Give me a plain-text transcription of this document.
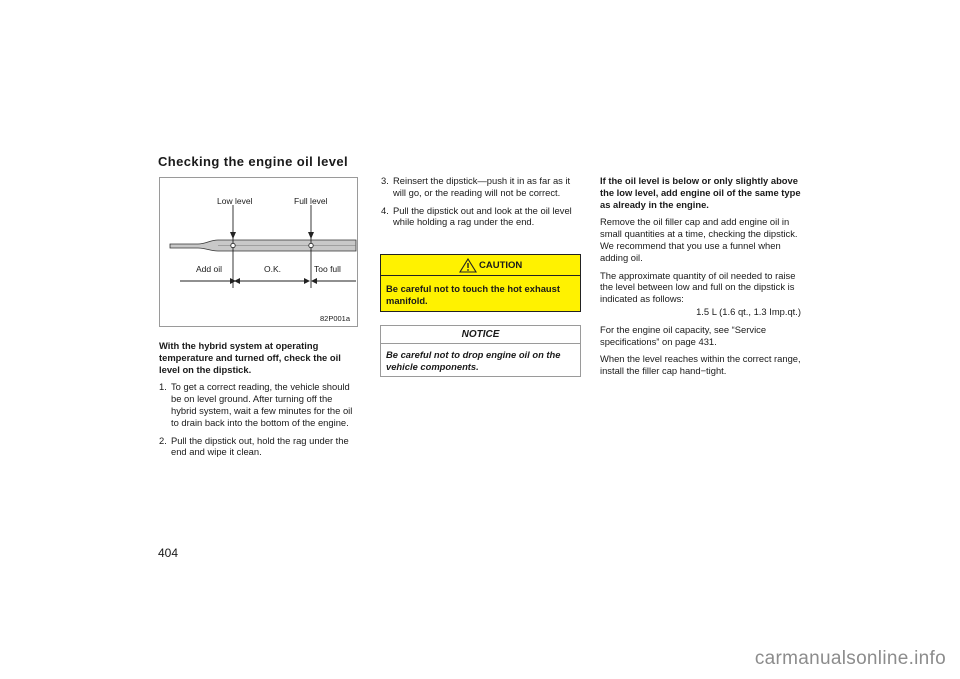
Checking the engine oil level
Low level	Full level
Add oil	O.K.	Too full
82P001a

With the hybrid system at operating temperature and turned off, check the oil level on the dipstick.

1. To get a correct reading, the vehicle should be on level ground. After turning off the hybrid system, wait a few minutes for the oil to drain back into the bottom of the engine.

2. Pull the dipstick out, hold the rag under the end and wipe it clean.

3. Reinsert the dipstick—push it in as far as it will go, or the reading will not be correct.

4. Pull the dipstick out and look at the oil level while holding a rag under the end.

CAUTION
Be careful not to touch the hot exhaust manifold.
NOTICE
Be careful not to drop engine oil on the vehicle components.

If the oil level is below or only slightly above the low level, add engine oil of the same type as already in the engine.

Remove the oil filler cap and add engine oil in small quantities at a time, checking the dipstick. We recommend that you use a funnel when adding oil.

The approximate quantity of oil needed to raise the level between low and full on the dipstick is indicated as follows:

1.5 L (1.6 qt., 1.3 Imp.qt.)

For the engine oil capacity, see “Service specifications” on page 431.

When the level reaches within the correct range, install the filler cap hand−tight.

404
carmanualsonline.info
